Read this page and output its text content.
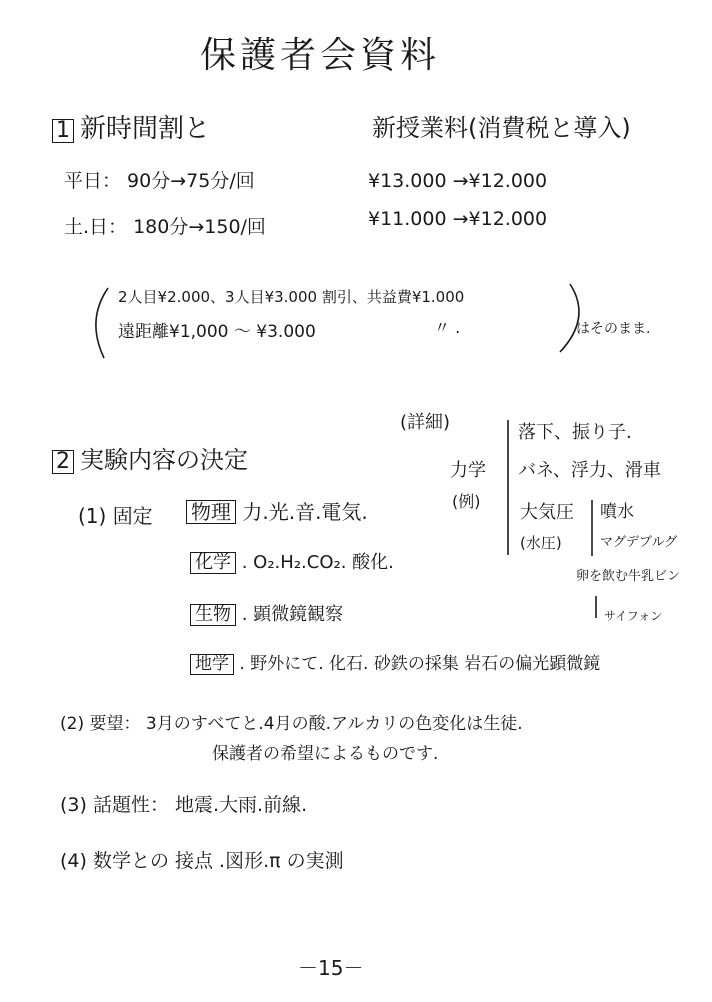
保護者会資料
1 新時間割と	新授業料(消費税と導入)
平日： 90分→75分/回	¥13.000 →¥12.000
土.日： 180分→150/回	¥11.000 →¥12.000
2人目¥2.000、3人目¥3.000 割引、共益費¥1.000
遠距離¥1,000 ～ ¥3.000	〃 .	はそのまま.
2 実験内容の決定
(詳細)
力学
(例)
落下、振り子.
バネ、浮力、滑車
大気圧
(水圧)
噴水
マグデブルグ
卵を飲む牛乳ビン
サイフォン
(1) 固定 物理 力.光.音.電気.
化学 . O₂.H₂.CO₂. 酸化.
生物 . 顕微鏡観察
地学 . 野外にて. 化石. 砂鉄の採集 岩石の偏光顕微鏡
(2) 要望： 3月のすべてと.4月の酸.アルカリの色変化は生徒.
保護者の希望によるものです.
(3) 話題性： 地震.大雨.前線.
(4) 数学との 接点 .図形.π の実測
－15－
